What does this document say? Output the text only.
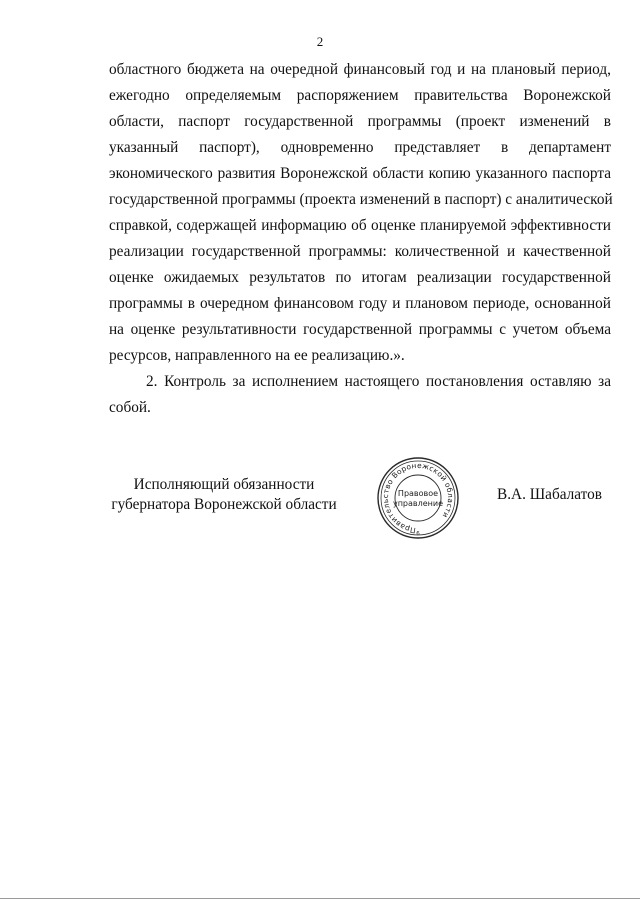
2
областного бюджета на очередной финансовый год и на плановый период,
ежегодно определяемым распоряжением правительства Воронежской
области, паспорт государственной программы (проект изменений в
указанный паспорт), одновременно представляет в департамент
экономического развития Воронежской области копию указанного паспорта
государственной программы (проекта изменений в паспорт) с аналитической
справкой, содержащей информацию об оценке планируемой эффективности
реализации государственной программы: количественной и качественной
оценке ожидаемых результатов по итогам реализации государственной
программы в очередном финансовом году и плановом периоде, основанной
на оценке результативности государственной программы с учетом объема
ресурсов, направленного на ее реализацию.».
2. Контроль за исполнением настоящего постановления оставляю за
собой.
Исполняющий обязанности
губернатора Воронежской области
Правительство Воронежской области
Правовое
управление
6
В.А. Шабалатов
